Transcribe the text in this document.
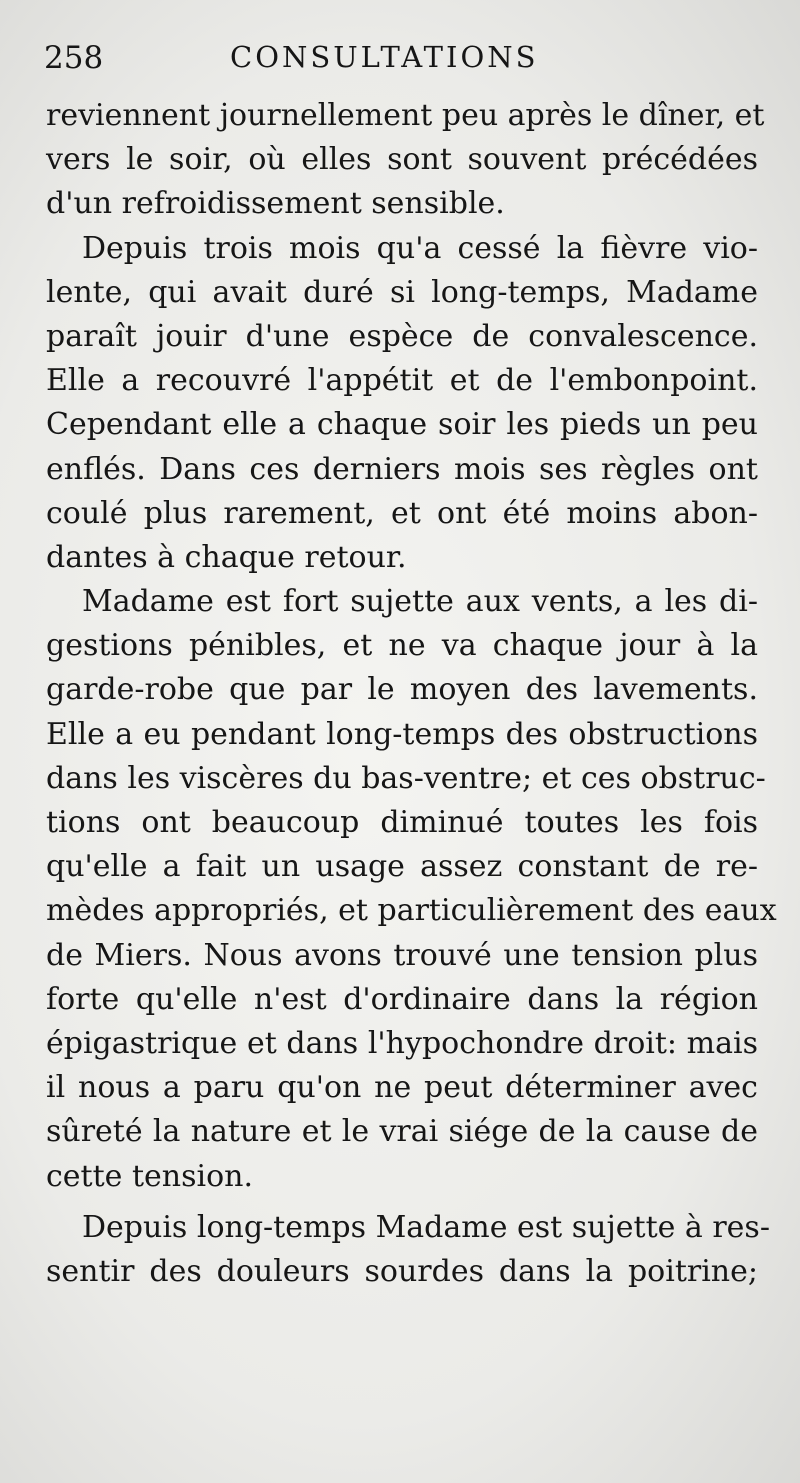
258	CONSULTATIONS
reviennent journellement peu après le dîner, et
vers le soir, où elles sont souvent précédées
d'un refroidissement sensible.
Depuis trois mois qu'a cessé la fièvre vio-
lente, qui avait duré si long-temps, Madame
paraît jouir d'une espèce de convalescence.
Elle a recouvré l'appétit et de l'embonpoint.
Cependant elle a chaque soir les pieds un peu
enflés. Dans ces derniers mois ses règles ont
coulé plus rarement, et ont été moins abon-
dantes à chaque retour.
Madame est fort sujette aux vents, a les di-
gestions pénibles, et ne va chaque jour à la
garde-robe que par le moyen des lavements.
Elle a eu pendant long-temps des obstructions
dans les viscères du bas-ventre; et ces obstruc-
tions ont beaucoup diminué toutes les fois
qu'elle a fait un usage assez constant de re-
mèdes appropriés, et particulièrement des eaux
de Miers. Nous avons trouvé une tension plus
forte qu'elle n'est d'ordinaire dans la région
épigastrique et dans l'hypochondre droit: mais
il nous a paru qu'on ne peut déterminer avec
sûreté la nature et le vrai siége de la cause de
cette tension.
Depuis long-temps Madame est sujette à res-
sentir des douleurs sourdes dans la poitrine;
